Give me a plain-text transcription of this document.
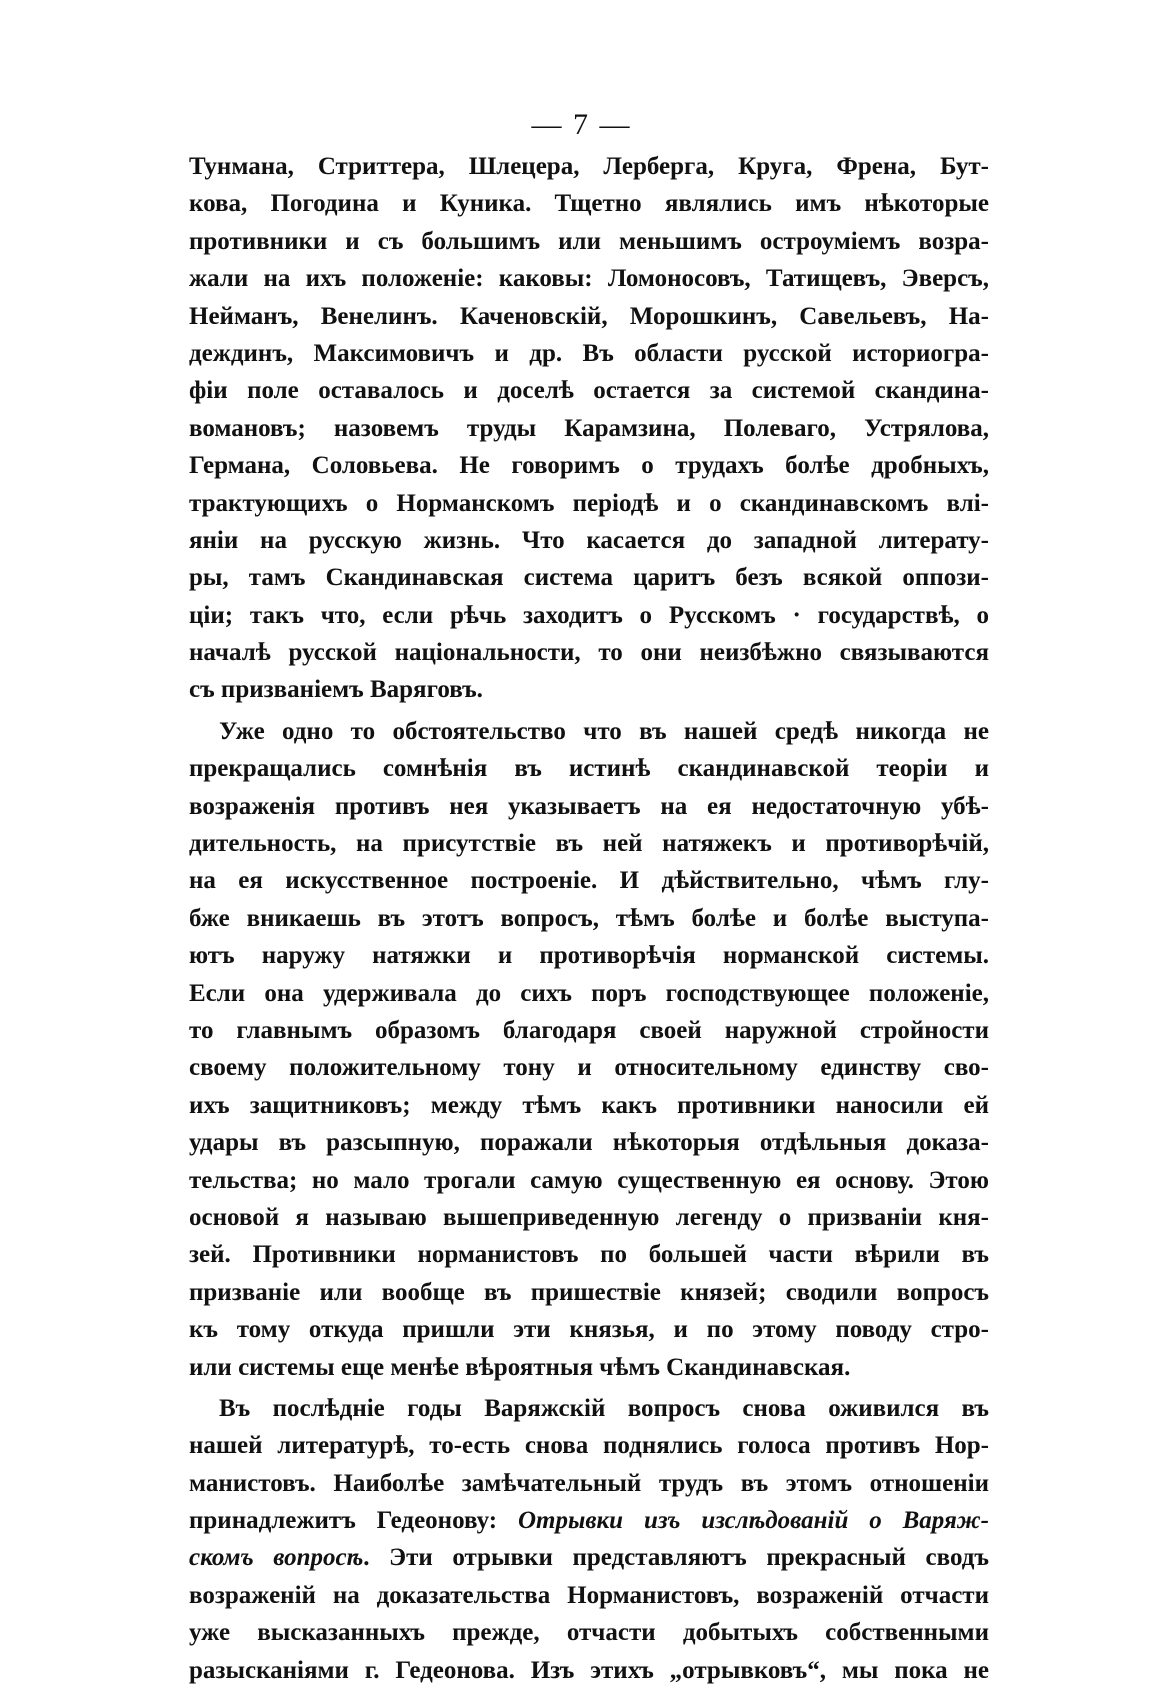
— 7 —
Тунмана, Стриттера, Шлецера, Лерберга, Круга, Френа, Бут-
кова, Погодина и Куника. Тщетно являлись имъ нѣкоторые
противники и съ большимъ или меньшимъ остроумiемъ возра-
жали на ихъ положенiе: каковы: Ломоносовъ, Татищевъ, Эверсъ,
Нейманъ, Венелинъ. Каченовскiй, Морошкинъ, Савельевъ, На-
деждинъ, Максимовичъ и др. Въ области русской историогра-
фiи поле оставалось и доселѣ остается за системой скандина-
вомановъ; назовемъ труды Карамзина, Полеваго, Устрялова,
Германа, Соловьева. Не говоримъ о трудахъ болѣе дробныхъ,
трактующихъ о Норманскомъ перiодѣ и о скандинавскомъ влi-
янiи на русскую жизнь. Что касается до западной литерату-
ры, тамъ Скандинавская система царитъ безъ всякой оппози-
цiи; такъ что, если рѣчь заходитъ о Русскомъ · государствѣ, о
началѣ русской нацiональности, то они неизбѣжно связываются
съ призванiемъ Варяговъ.
Уже одно то обстоятельство что въ нашей средѣ никогда не
прекращались сомнѣнiя въ истинѣ скандинавской теорiи и
возраженiя противъ нея указываетъ на ея недостаточную убѣ-
дительность, на присутствiе въ ней натяжекъ и противорѣчiй,
на ея искусственное построенiе. И дѣйствительно, чѣмъ глу-
бже вникаешь въ этотъ вопросъ, тѣмъ болѣе и болѣе выступа-
ютъ наружу натяжки и противорѣчiя норманской системы.
Если она удерживала до сихъ поръ господствующее положенiе,
то главнымъ образомъ благодаря своей наружной стройности
своему положительному тону и относительному единству сво-
ихъ защитниковъ; между тѣмъ какъ противники наносили ей
удары въ разсыпную, поражали нѣкоторыя отдѣльныя доказа-
тельства; но мало трогали самую существенную ея основу. Этою
основой я называю вышеприведенную легенду о призванiи кня-
зей. Противники норманистовъ по большей части вѣрили въ
призванiе или вообще въ пришествiе князей; сводили вопросъ
къ тому откуда пришли эти князья, и по этому поводу стро-
или системы еще менѣе вѣроятныя чѣмъ Скандинавская.
Въ послѣднiе годы Варяжскiй вопросъ снова оживился въ
нашей литературѣ, то-есть снова поднялись голоса противъ Нор-
манистовъ. Наиболѣе замѣчательный трудъ въ этомъ отношенiи
принадлежитъ Гедеонову: Отрывки изъ изслѣдованiй о Варяж-
скомъ вопросѣ. Эти отрывки представляютъ прекрасный сводъ
возраженiй на доказательства Норманистовъ, возраженiй отчасти
уже высказанныхъ прежде, отчасти добытыхъ собственными
разысканiями г. Гедеонова. Изъ этихъ „отрывковъ“, мы пока не
